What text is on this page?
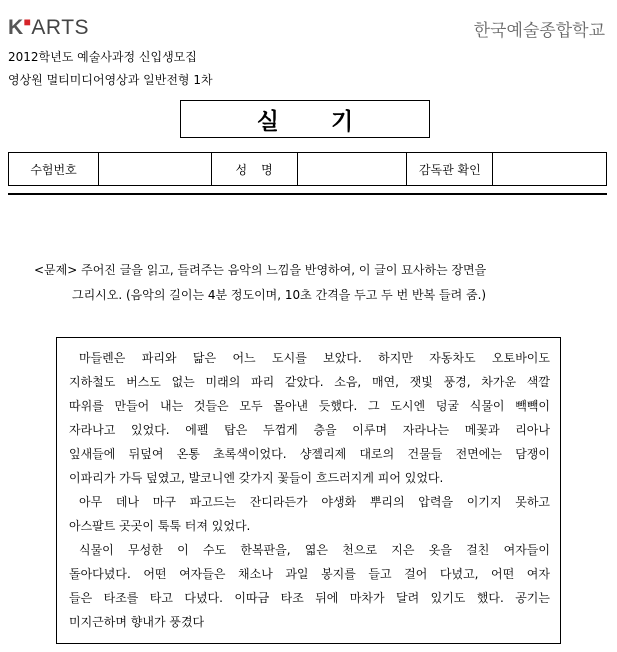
K■ARTS	한국예술종합학교
2012학년도 예술사과정 신입생모집
영상원 멀티미디어영상과 일반전형 1차
실기
수험번호		성명		감독관 확인	
<문제> 주어진 글을 읽고, 들려주는 음악의 느낌을 반영하여, 이 글이 묘사하는 장면을
그리시오. (음악의 길이는 4분 정도이며, 10초 간격을 두고 두 번 반복 들려 줌.)

마들렌은 파리와 닮은 어느 도시를 보았다. 하지만 자동차도 오토바이도
지하철도 버스도 없는 미래의 파리 같았다. 소음, 매연, 잿빛 풍경, 차가운 색깔
따위를 만들어 내는 것들은 모두 몰아낸 듯했다. 그 도시엔 덩굴 식물이 빽빽이
자라나고 있었다. 에펠 탑은 두껍게 층을 이루며 자라나는 메꽃과 리아나
잎새들에 뒤덮여 온통 초록색이었다. 샹젤리제 대로의 건물들 전면에는 담쟁이
이파리가 가득 덮였고, 발코니엔 갖가지 꽃들이 흐드러지게 피어 있었다.

아무 데나 마구 파고드는 잔디라든가 야생화 뿌리의 압력을 이기지 못하고
아스팔트 곳곳이 툭툭 터져 있었다.

식물이 무성한 이 수도 한복판을, 엷은 천으로 지은 옷을 걸친 여자들이
돌아다녔다. 어떤 여자들은 채소나 과일 봉지를 들고 걸어 다녔고, 어떤 여자
들은 타조를 타고 다녔다. 이따금 타조 뒤에 마차가 달려 있기도 했다. 공기는
미지근하며 향내가 풍겼다
